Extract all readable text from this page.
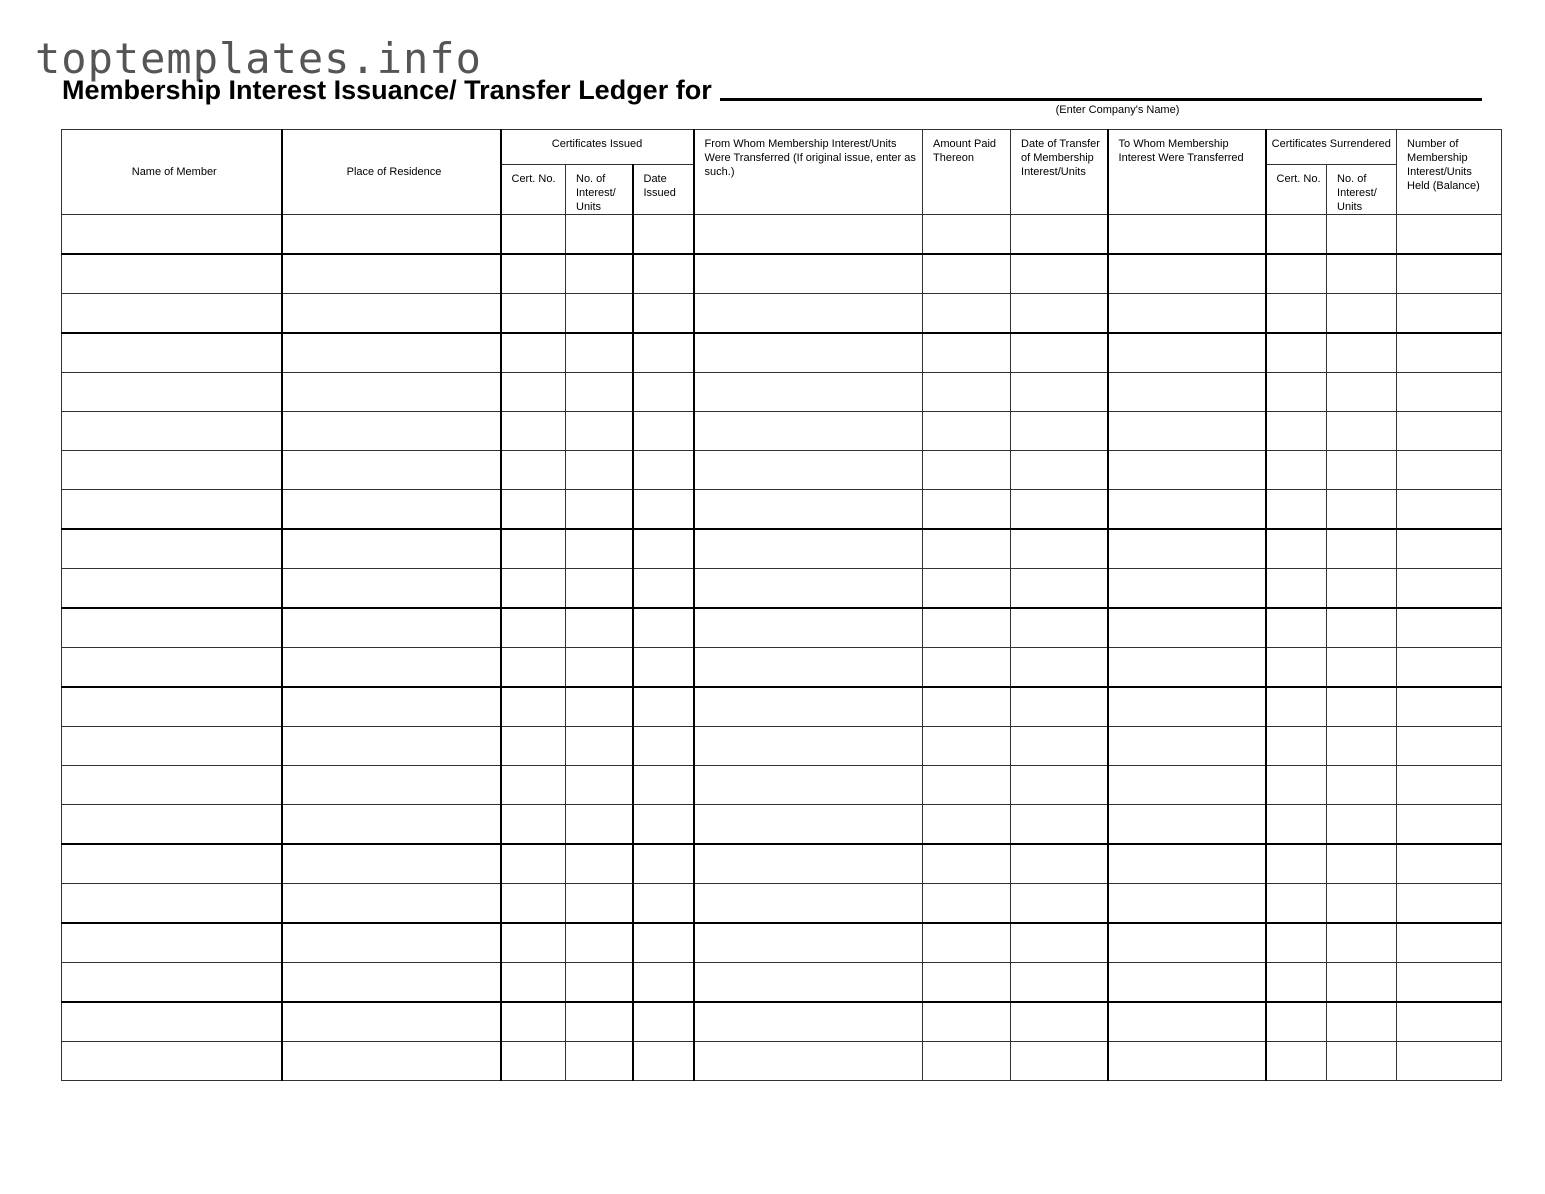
toptemplates.info
Membership Interest Issuance/ Transfer Ledger for
(Enter Company's Name)
Name of Member	Place of Residence	Certificates Issued			From Whom Membership Interest/Units Were Transferred (If original issue, enter as such.)	Amount Paid Thereon	Date of Transfer of Membership Interest/Units	To Whom Membership Interest Were Transferred	Certificates Surrendered		Number of Membership Interest/Units Held (Balance)
		Cert. No.	No. of Interest/ Units	Date Issued					Cert. No.	No. of Interest/ Units	
